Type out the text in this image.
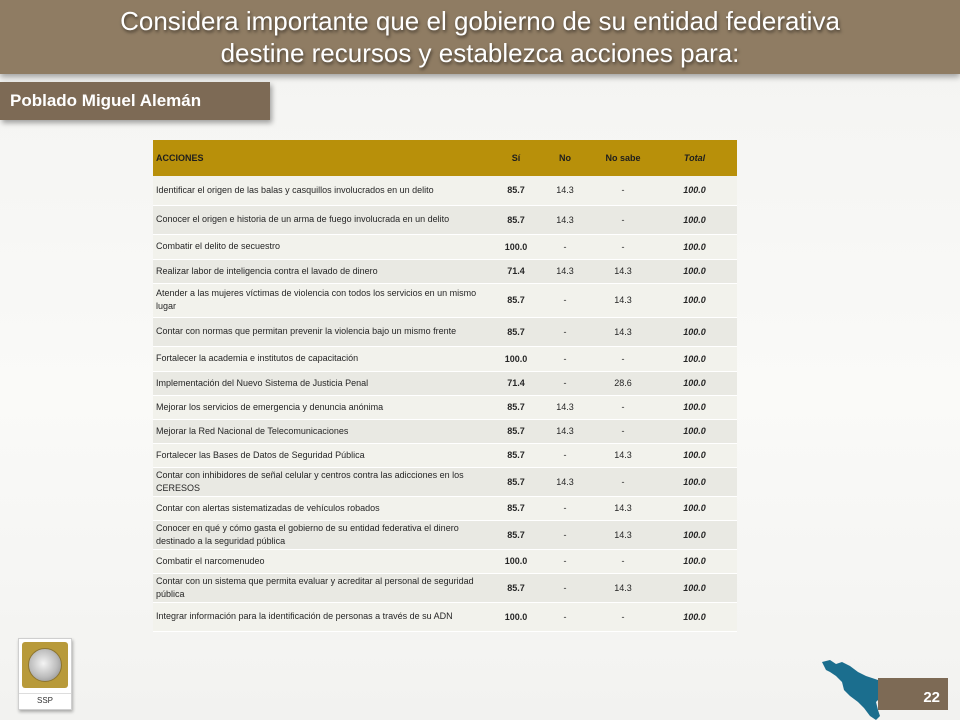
Considera importante que el gobierno de su entidad federativa
destine recursos y establezca acciones para:
Poblado Miguel Alemán
ACCIONES	Sí	No	No sabe	Total
Identificar el origen de las balas y casquillos involucrados en un delito	85.7	14.3	-	100.0
Conocer el origen e historia de un arma de fuego involucrada en un delito	85.7	14.3	-	100.0
Combatir el delito de secuestro	100.0	-	-	100.0
Realizar labor de inteligencia contra el lavado de dinero	71.4	14.3	14.3	100.0
Atender a las mujeres víctimas de violencia con todos los servicios en un mismo lugar	85.7	-	14.3	100.0
Contar con normas que permitan prevenir la violencia bajo un mismo frente	85.7	-	14.3	100.0
Fortalecer la academia e institutos de capacitación	100.0	-	-	100.0
Implementación del Nuevo Sistema de Justicia Penal	71.4	-	28.6	100.0
Mejorar los servicios de emergencia y denuncia anónima	85.7	14.3	-	100.0
Mejorar la Red Nacional de Telecomunicaciones	85.7	14.3	-	100.0
Fortalecer las Bases de Datos de Seguridad Pública	85.7	-	14.3	100.0
Contar con inhibidores de señal celular y centros contra las adicciones en los CERESOS	85.7	14.3	-	100.0
Contar con alertas sistematizadas de vehículos robados	85.7	-	14.3	100.0
Conocer en qué y cómo gasta el gobierno de su entidad federativa el dinero destinado a la seguridad pública	85.7	-	14.3	100.0
Combatir el narcomenudeo	100.0	-	-	100.0
Contar con un sistema que permita evaluar y acreditar al personal de seguridad pública	85.7	-	14.3	100.0
Integrar información para la identificación de personas a través de su ADN	100.0	-	-	100.0
SSP	22
